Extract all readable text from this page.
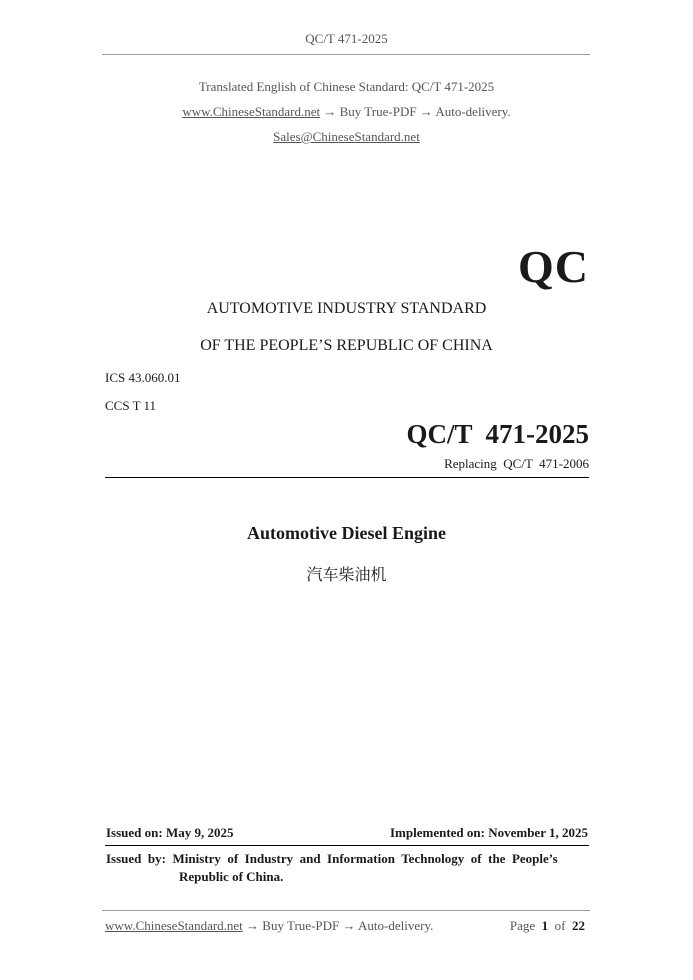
QC/T 471-2025
Translated English of Chinese Standard: QC/T 471-2025
www.ChineseStandard.net → Buy True-PDF → Auto-delivery.
Sales@ChineseStandard.net
QC
AUTOMOTIVE INDUSTRY STANDARD
OF THE PEOPLE’S REPUBLIC OF CHINA
ICS 43.060.01
CCS T 11
QC/T  471-2025
Replacing  QC/T  471-2006
Automotive Diesel Engine
汽车柴油机
Issued on: May 9, 2025	Implemented on: November 1, 2025
Issued  by:  Ministry  of  Industry  and  Information  Technology  of  the  People’s
Republic of China.
www.ChineseStandard.net → Buy True-PDF → Auto-delivery.	Page 1 of 22
